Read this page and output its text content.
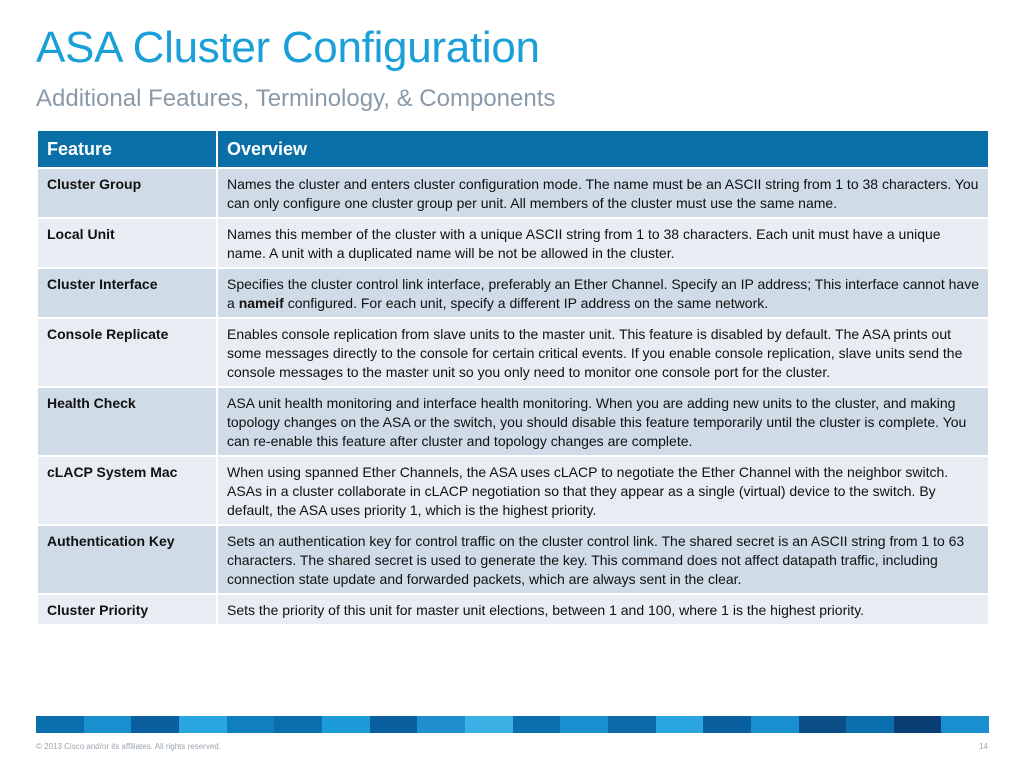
ASA Cluster Configuration
Additional Features, Terminology, & Components
Feature	Overview
Cluster Group	Names the cluster and enters cluster configuration mode. The name must be an ASCII string from 1 to 38 characters. You can only configure one cluster group per unit. All members of the cluster must use the same name.
Local Unit	Names this member of the cluster with a unique ASCII string from 1 to 38 characters. Each unit must have a unique name. A unit with a duplicated name will be not be allowed in the cluster.
Cluster Interface	Specifies the cluster control link interface, preferably an Ether Channel. Specify an IP address; This interface cannot have a nameif configured. For each unit, specify a different IP address on the same network.
Console Replicate	Enables console replication from slave units to the master unit. This feature is disabled by default. The ASA prints out some messages directly to the console for certain critical events. If you enable console replication, slave units send the console messages to the master unit so you only need to monitor one console port for the cluster.
Health Check	ASA unit health monitoring and interface health monitoring. When you are adding new units to the cluster, and making topology changes on the ASA or the switch, you should disable this feature temporarily until the cluster is complete. You can re-enable this feature after cluster and topology changes are complete.
cLACP System Mac	When using spanned Ether Channels, the ASA uses cLACP to negotiate the Ether Channel with the neighbor switch. ASAs in a cluster collaborate in cLACP negotiation so that they appear as a single (virtual) device to the switch. By default, the ASA uses priority 1, which is the highest priority.
Authentication Key	Sets an authentication key for control traffic on the cluster control link. The shared secret is an ASCII string from 1 to 63 characters. The shared secret is used to generate the key. This command does not affect datapath traffic, including connection state update and forwarded packets, which are always sent in the clear.
Cluster Priority	Sets the priority of this unit for master unit elections, between 1 and 100, where 1 is the highest priority.
© 2013 Cisco and/or its affiliates. All rights reserved.	14
